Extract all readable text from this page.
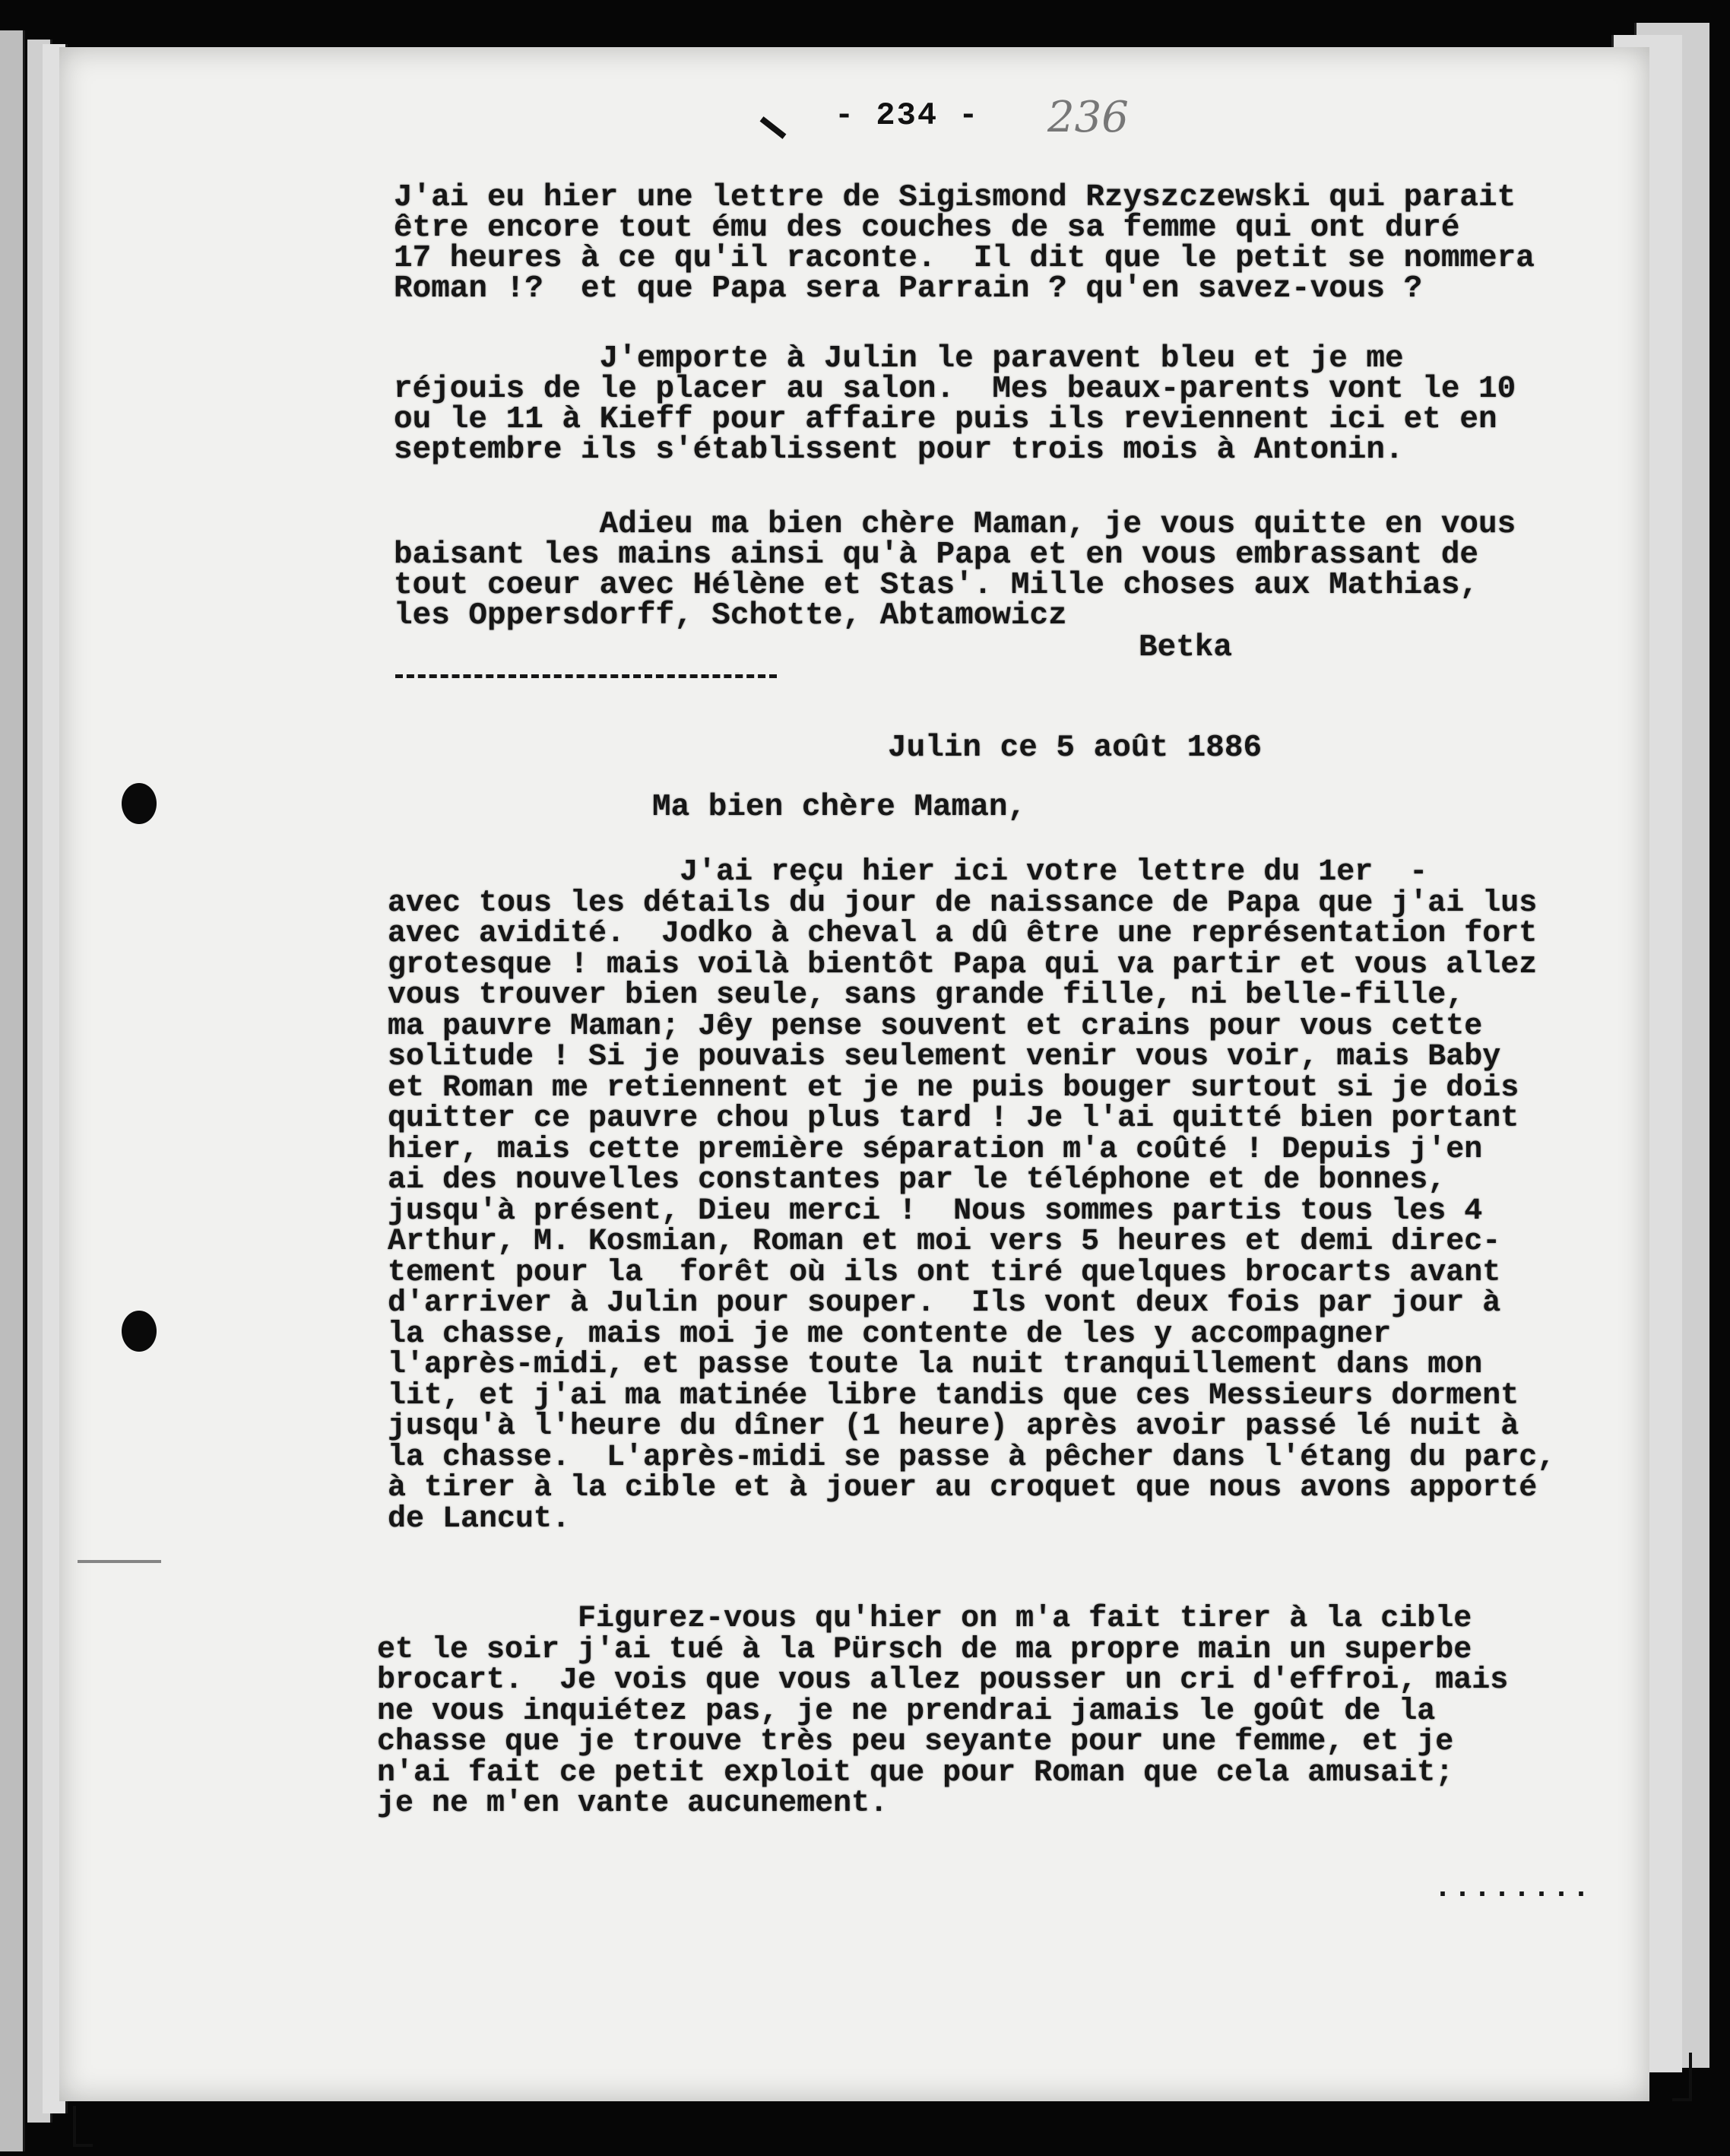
- 234 - 236
J'ai eu hier une lettre de Sigismond Rzyszczewski qui parait
être encore tout ému des couches de sa femme qui ont duré
17 heures à ce qu'il raconte.  Il dit que le petit se nommera
Roman !?  et que Papa sera Parrain ? qu'en savez-vous ?
J'emporte à Julin le paravent bleu et je me
réjouis de le placer au salon.  Mes beaux-parents vont le 10
ou le 11 à Kieff pour affaire puis ils reviennent ici et en
septembre ils s'établissent pour trois mois à Antonin.
Adieu ma bien chère Maman, je vous quitte en vous
baisant les mains ainsi qu'à Papa et en vous embrassant de
tout coeur avec Hélène et Stas'. Mille choses aux Mathias,
les Oppersdorff, Schotte, Abtamowicz
Betka
Julin ce 5 août 1886
Ma bien chère Maman,
J'ai reçu hier ici votre lettre du 1er  -
avec tous les détails du jour de naissance de Papa que j'ai lus
avec avidité.  Jodko à cheval a dû être une représentation fort
grotesque ! mais voilà bientôt Papa qui va partir et vous allez
vous trouver bien seule, sans grande fille, ni belle-fille,
ma pauvre Maman; Jêy pense souvent et crains pour vous cette
solitude ! Si je pouvais seulement venir vous voir, mais Baby
et Roman me retiennent et je ne puis bouger surtout si je dois
quitter ce pauvre chou plus tard ! Je l'ai quitté bien portant
hier, mais cette première séparation m'a coûté ! Depuis j'en
ai des nouvelles constantes par le téléphone et de bonnes,
jusqu'à présent, Dieu merci !  Nous sommes partis tous les 4
Arthur, M. Kosmian, Roman et moi vers 5 heures et demi direc-
tement pour la  forêt où ils ont tiré quelques brocarts avant
d'arriver à Julin pour souper.  Ils vont deux fois par jour à
la chasse, mais moi je me contente de les y accompagner
l'après-midi, et passe toute la nuit tranquillement dans mon
lit, et j'ai ma matinée libre tandis que ces Messieurs dorment
jusqu'à l'heure du dîner (1 heure) après avoir passé lé nuit à
la chasse.  L'après-midi se passe à pêcher dans l'étang du parc,
à tirer à la cible et à jouer au croquet que nous avons apporté
de Lancut.
Figurez-vous qu'hier on m'a fait tirer à la cible
et le soir j'ai tué à la Pürsch de ma propre main un superbe
brocart.  Je vois que vous allez pousser un cri d'effroi, mais
ne vous inquiétez pas, je ne prendrai jamais le goût de la
chasse que je trouve très peu seyante pour une femme, et je
n'ai fait ce petit exploit que pour Roman que cela amusait;
je ne m'en vante aucunement.
........
